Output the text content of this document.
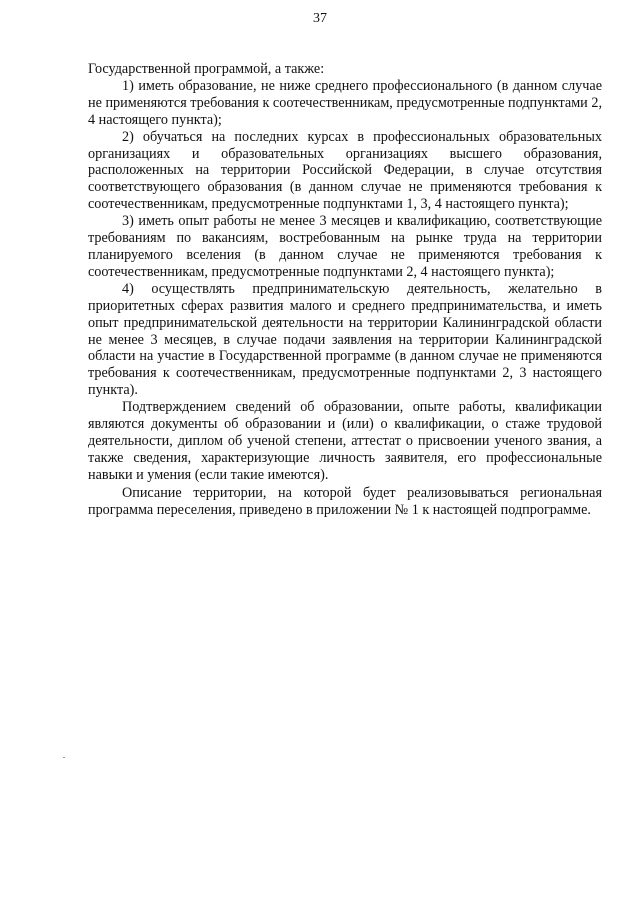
37

Государственной программой, а также:

1) иметь образование, не ниже среднего профессионального (в данном случае не применяются требования к соотечественникам, предусмотренные подпунктами 2, 4 настоящего пункта);

2) обучаться на последних курсах в профессиональных образовательных организациях и образовательных организациях высшего образования, расположенных на территории Российской Федерации, в случае отсутствия соответствующего образования (в данном случае не применяются требования к соотечественникам, предусмотренные подпунктами 1, 3, 4 настоящего пункта);

3) иметь опыт работы не менее 3 месяцев и квалификацию, соответствующие требованиям по вакансиям, востребованным на рынке труда на территории планируемого вселения (в данном случае не применяются требования к соотечественникам, предусмотренные подпунктами 2, 4 настоящего пункта);

4) осуществлять предпринимательскую деятельность, желательно в приоритетных сферах развития малого и среднего предпринимательства, и иметь опыт предпринимательской деятельности на территории Калининградской области не менее 3 месяцев, в случае подачи заявления на территории Калининградской области на участие в Государственной программе (в данном случае не применяются требования к соотечественникам, предусмотренные подпунктами 2, 3 настоящего пункта).

Подтверждением сведений об образовании, опыте работы, квалификации являются документы об образовании и (или) о квалификации, о стаже трудовой деятельности, диплом об ученой степени, аттестат о присвоении ученого звания, а также сведения, характеризующие личность заявителя, его профессиональные навыки и умения (если такие имеются).

Описание территории, на которой будет реализовываться региональная программа переселения, приведено в приложении № 1 к настоящей подпрограмме.
